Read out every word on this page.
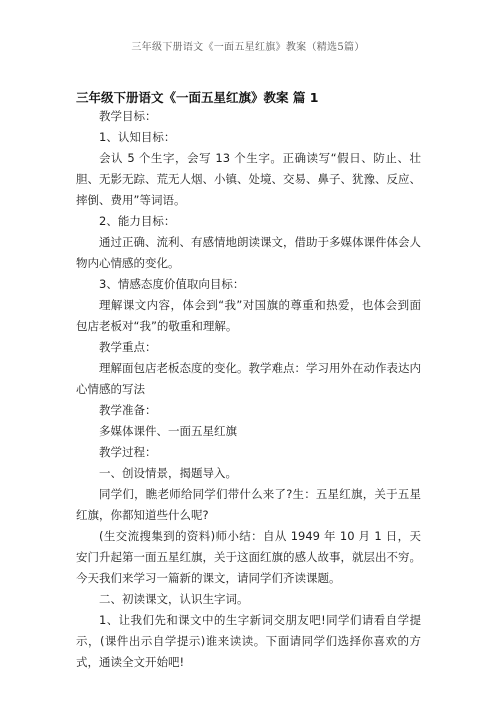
三年级下册语文《一面五星红旗》教案（精选5篇）
三年级下册语文《一面五星红旗》教案 篇 1

教学目标：

1、认知目标：

会认 5 个生字，会写 13 个生字。正确读写“假日、防止、壮胆、无影无踪、荒无人烟、小镇、处境、交易、鼻子、犹豫、反应、摔倒、费用”等词语。

2、能力目标：

通过正确、流利、有感情地朗读课文，借助于多媒体课件体会人物内心情感的变化。

3、情感态度价值取向目标：

理解课文内容，体会到“我”对国旗的尊重和热爱，也体会到面包店老板对“我”的敬重和理解。

教学重点：

理解面包店老板态度的变化。教学难点：学习用外在动作表达内心情感的写法

教学准备：

多媒体课件、一面五星红旗

教学过程：

一、创设情景，揭题导入。

同学们，瞧老师给同学们带什么来了?生：五星红旗，关于五星红旗，你都知道些什么呢?

(生交流搜集到的资料)师小结：自从 1949 年 10 月 1 日，天安门升起第一面五星红旗，关于这面红旗的感人故事，就层出不穷。今天我们来学习一篇新的课文，请同学们齐读课题。

二、初读课文，认识生字词。

1、让我们先和课文中的生字新词交朋友吧!同学们请看自学提示，(课件出示自学提示)谁来读读。下面请同学们选择你喜欢的方式，通读全文开始吧!
